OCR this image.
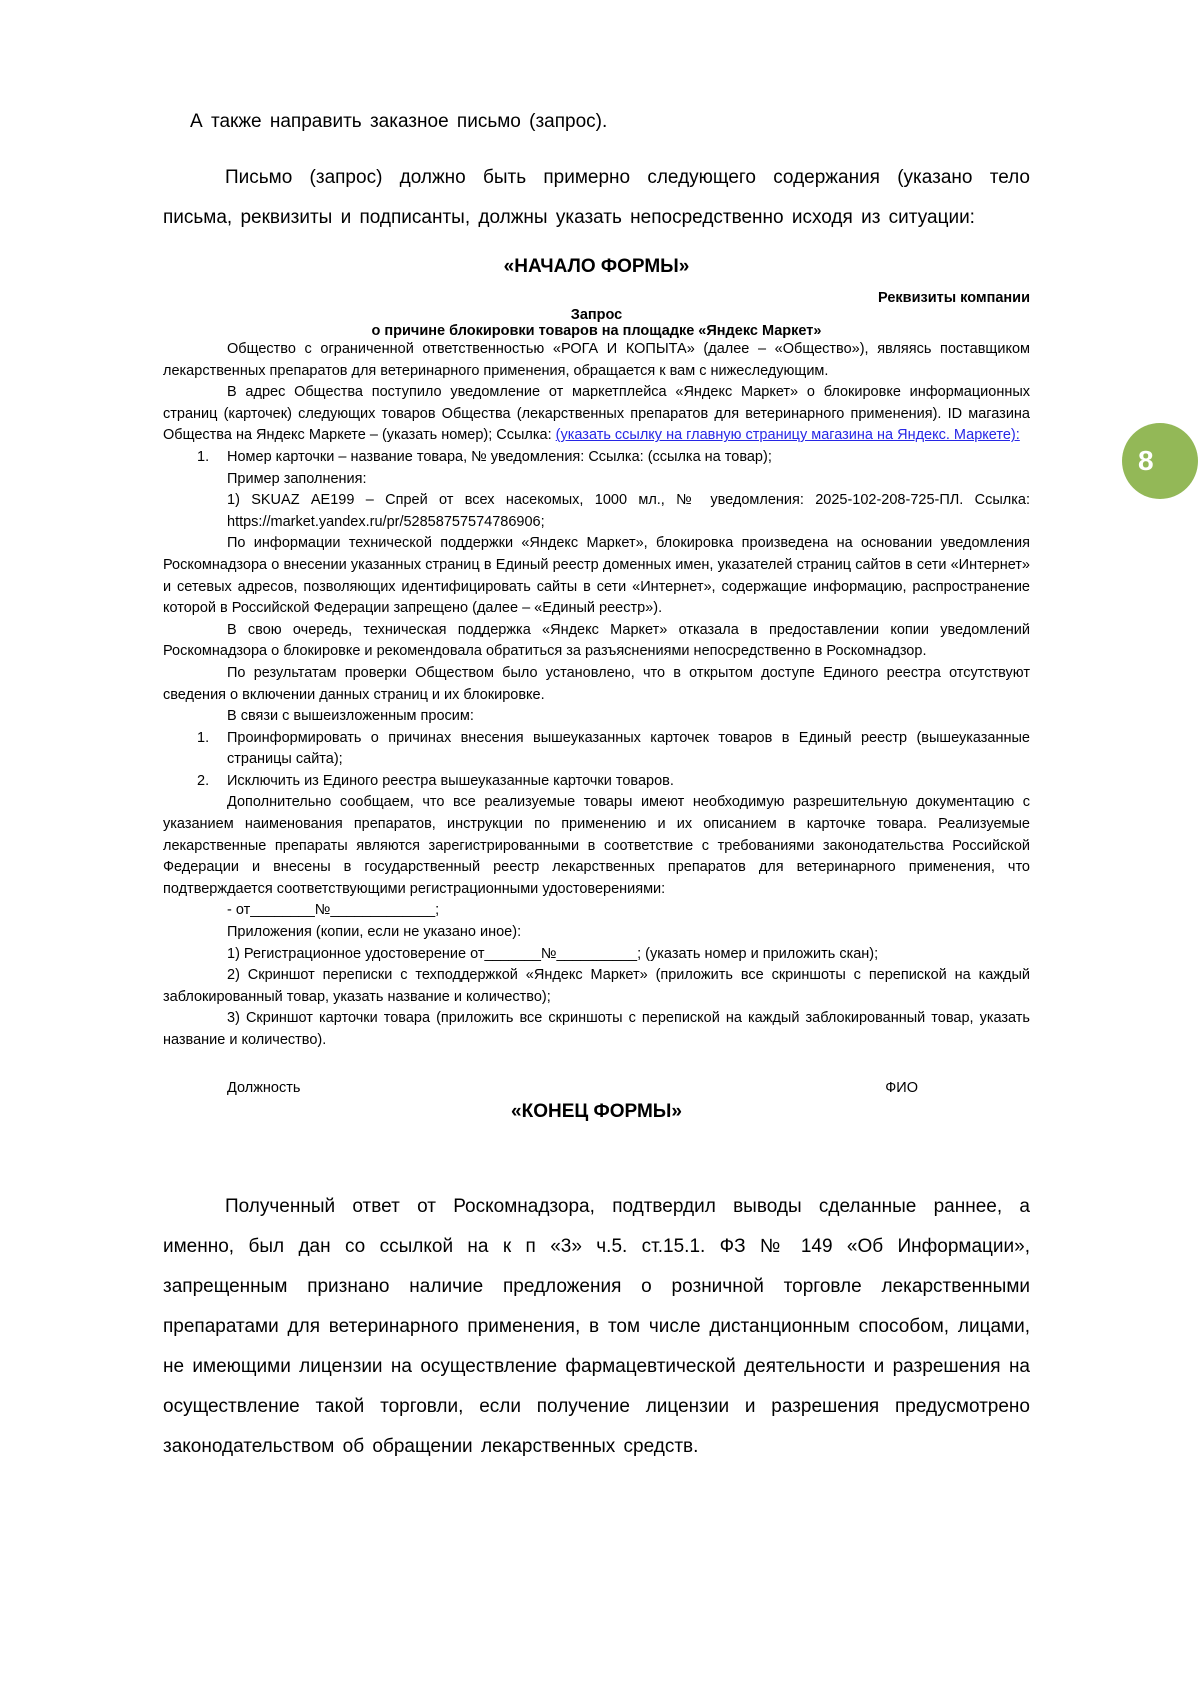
А также направить заказное письмо (запрос).

Письмо (запрос) должно быть примерно следующего содержания (указано тело письма, реквизиты и подписанты, должны указать непосредственно исходя из ситуации:

«НАЧАЛО ФОРМЫ»
Реквизиты компании
Запрос
о причине блокировки товаров на площадке «Яндекс Маркет»

Общество с ограниченной ответственностью «РОГА И КОПЫТА» (далее – «Общество»), являясь поставщиком лекарственных препаратов для ветеринарного применения, обращается к вам с нижеследующим.

В адрес Общества поступило уведомление от маркетплейса «Яндекс Маркет» о блокировке информационных страниц (карточек) следующих товаров Общества (лекарственных препаратов для ветеринарного применения). ID магазина Общества на Яндекс Маркете – (указать номер); Ссылка: (указать ссылку на главную страницу магазина на Яндекс. Маркете):

1. Номер карточки – название товара, № уведомления: Ссылка: (ссылка на товар);

Пример заполнения:

1) SKUAZ АЕ199 – Спрей от всех насекомых, 1000 мл., № уведомления: 2025-102-208-725-ПЛ. Ссылка: https://market.yandex.ru/pr/52858757574786906;

По информации технической поддержки «Яндекс Маркет», блокировка произведена на основании уведомления Роскомнадзора о внесении указанных страниц в Единый реестр доменных имен, указателей страниц сайтов в сети «Интернет» и сетевых адресов, позволяющих идентифицировать сайты в сети «Интернет», содержащие информацию, распространение которой в Российской Федерации запрещено (далее – «Единый реестр»).

В свою очередь, техническая поддержка «Яндекс Маркет» отказала в предоставлении копии уведомлений Роскомнадзора о блокировке и рекомендовала обратиться за разъяснениями непосредственно в Роскомнадзор.

По результатам проверки Обществом было установлено, что в открытом доступе Единого реестра отсутствуют сведения о включении данных страниц и их блокировке.

В связи с вышеизложенным просим:

1. Проинформировать о причинах внесения вышеуказанных карточек товаров в Единый реестр (вышеуказанные страницы сайта);
2. Исключить из Единого реестра вышеуказанные карточки товаров.

Дополнительно сообщаем, что все реализуемые товары имеют необходимую разрешительную документацию с указанием наименования препаратов, инструкции по применению и их описанием в карточке товара. Реализуемые лекарственные препараты являются зарегистрированными в соответствие с требованиями законодательства Российской Федерации и внесены в государственный реестр лекарственных препаратов для ветеринарного применения, что подтверждается соответствующими регистрационными удостоверениями:

- от________№_____________;

Приложения (копии, если не указано иное):

1) Регистрационное удостоверение от_______№__________; (указать номер и приложить скан);

2) Скриншот переписки с техподдержкой «Яндекс Маркет» (приложить все скриншоты с перепиской на каждый заблокированный товар, указать название и количество);

3) Скриншот карточки товара (приложить все скриншоты с перепиской на каждый заблокированный товар, указать название и количество).

Должность	ФИО
«КОНЕЦ ФОРМЫ»

Полученный ответ от Роскомнадзора, подтвердил выводы сделанные раннее, а именно, был дан со ссылкой на к п «3» ч.5. ст.15.1. ФЗ № 149 «Об Информации», запрещенным признано наличие предложения о розничной торговле лекарственными препаратами для ветеринарного применения, в том числе дистанционным способом, лицами, не имеющими лицензии на осуществление фармацевтической деятельности и разрешения на осуществление такой торговли, если получение лицензии и разрешения предусмотрено законодательством об обращении лекарственных средств.

8
